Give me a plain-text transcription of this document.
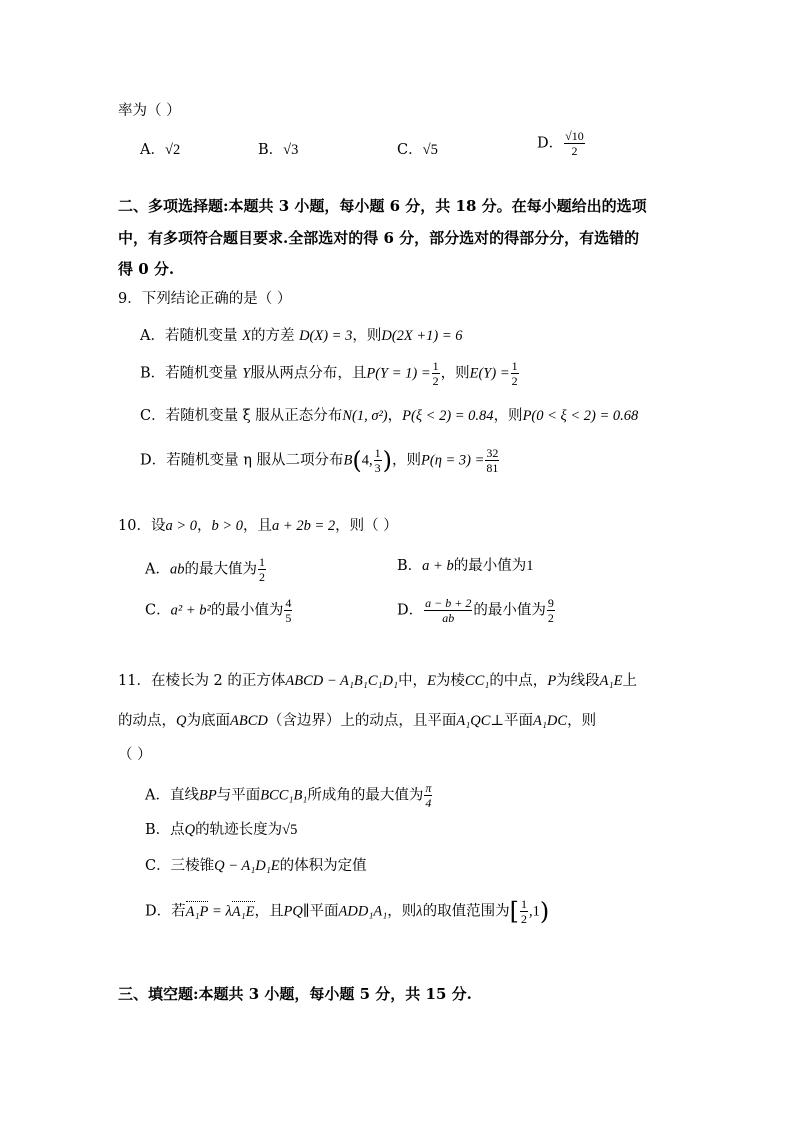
率为（ ）
A．√2	B．√3	C．√5	D． $\frac{√10}{2}$
二、多项选择题:本题共 3 小题，每小题 6 分，共 18 分。在每小题给出的选项
中，有多项符合题目要求.全部选对的得 6 分，部分选对的得部分分，有选错的
得 0 分.
9．下列结论正确的是（ ）
A．若随机变量 X的方差 D(X) = 3，则D(2X +1) = 6
B．若随机变量 Y服从两点分布，且$P(Y = 1) = \frac{1}{2}$ ，则$E(Y) = \frac{1}{2}$
C．若随机变量 ξ 服从正态分布N(1, σ²)，P(ξ < 2) = 0.84，则P(0 < ξ < 2) = 0.68
D．若随机变量 η 服从二项分布B(4, $\frac{1}{3}$ )，则$P(\eta = 3) = \frac{32}{81}$
10．设a > 0，b > 0，且a + 2b = 2，则（ ）
A．ab的最大值为 $\frac{1}{2}$	B．a + b的最小值为1
C．a² + b²的最小值为 $\frac{4}{5}$	D． $\frac{a - b + 2}{ab}$ 的最小值为 $\frac{9}{2}$
11．在棱长为 2 的正方体ABCD − A₁B₁C₁D₁中，E为棱CC₁的中点，P为线段A₁E上
的动点，Q为底面ABCD（含边界）上的动点，且平面A₁QC⊥平面A₁DC，则
（ ）
A．直线BP与平面BCC₁B₁所成角的最大值为 $\frac{\pi}{4}$
B．点Q的轨迹长度为√5
C．三棱锥Q − A₁D₁E的体积为定值
D．若A₁P = λA₁E，且PQ∥平面ADD₁A₁，则λ的取值范围为[ $\frac{1}{2} ,1$)
三、填空题:本题共 3 小题，每小题 5 分，共 15 分.
